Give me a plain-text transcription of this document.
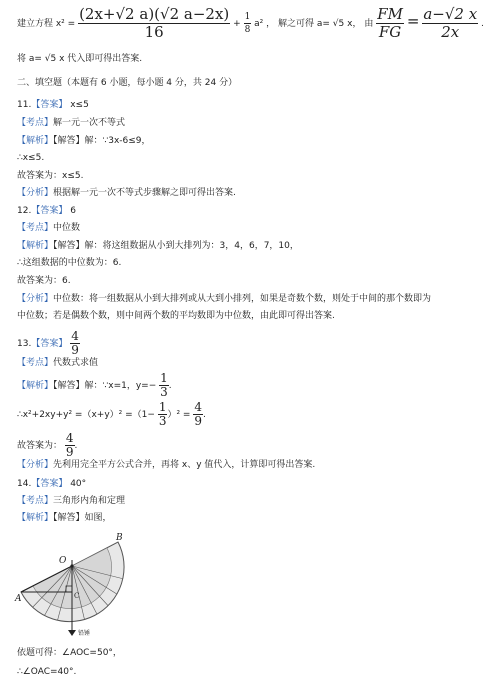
建立方程 $x^2 = \frac{(2x+√2 a)(√2 a-2x)}{16} + \frac{1}{8} a^2$ ， 解之可得 a= √5 x， 由 $\frac{FM}{FG} = \frac{a-√2 x}{2x}$ .
将 a= √5 x 代入即可得出答案.
二、填空题（本题有 6 小题，每小题 4 分，共 24 分）
11.【答案】 x≤5
【考点】解一元一次不等式
【解析】【解答】解：∵3x-6≤9，
∴x≤5.
故答案为：x≤5.
【分析】根据解一元一次不等式步骤解之即可得出答案.
12.【答案】 6
【考点】中位数
【解析】【解答】解：将这组数据从小到大排列为：3，4，6，7，10，
∴这组数据的中位数为：6.
故答案为：6.
【分析】中位数：将一组数据从小到大排列或从大到小排列，如果是奇数个数，则处于中间的那个数即为
中位数；若是偶数个数，则中间两个数的平均数即为中位数，由此即可得出答案.
13.【答案】 $\frac{4}{9}$
【考点】代数式求值
【解析】【解答】解：∵x=1，$y=- \frac{1}{3}$ .
∴x²+2xy+y² $=(x+y)^2 =(1- \frac{1}{3} )^2 = \frac{4}{9}$ .
故答案为： $\frac{4}{9}$ .
【分析】先利用完全平方公式合并，再将 x、y 值代入，计算即可得出答案.
14.【答案】 40°
【考点】三角形内角和定理
【解析】【解答】如图，
B
O
A	C
铅锤
依题可得：∠AOC=50°，
∴∠OAC=40°.
